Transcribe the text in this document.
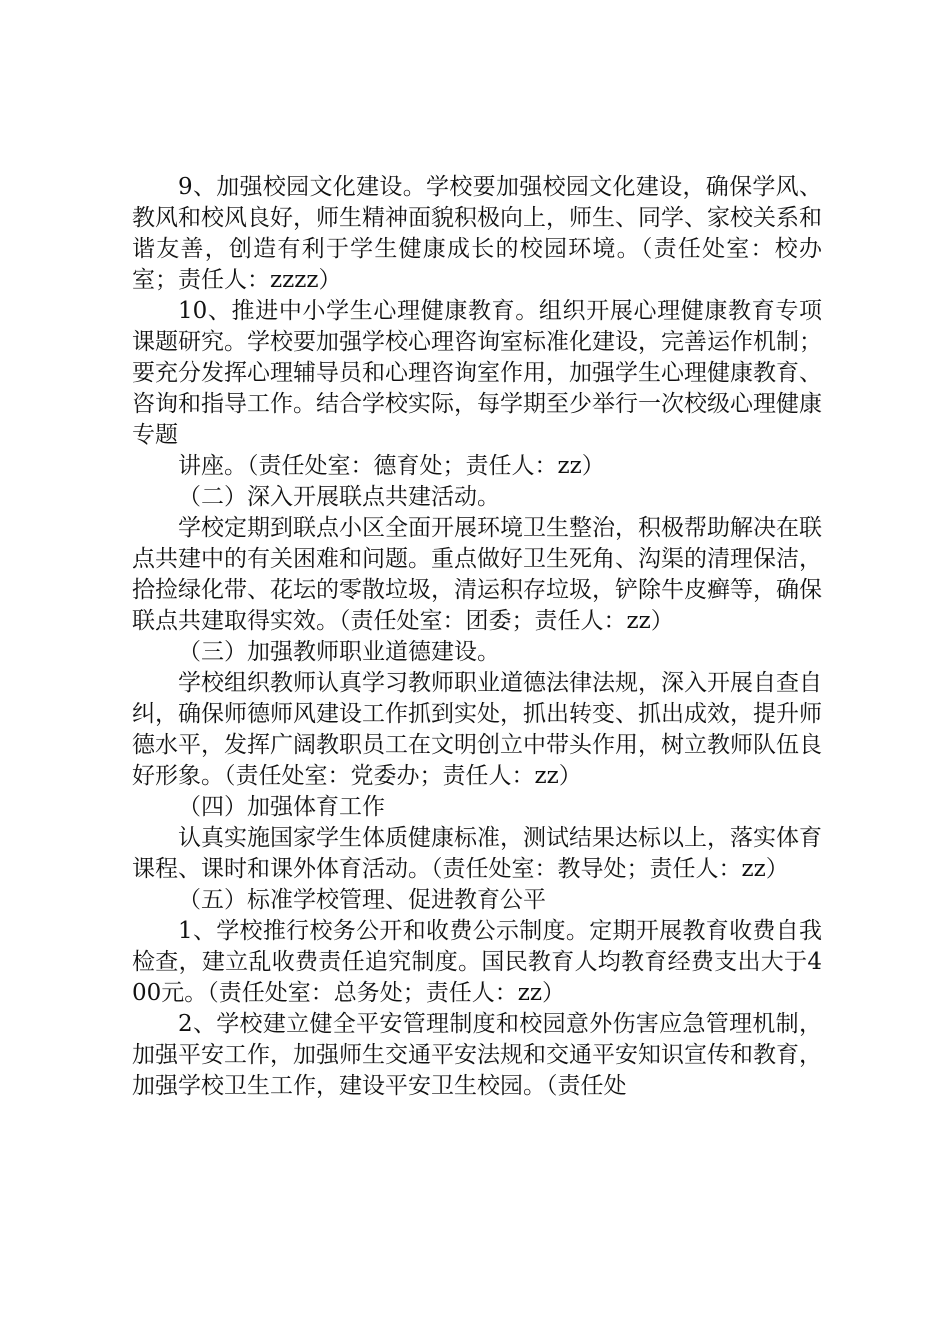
9、加强校园文化建设。学校要加强校园文化建设，确保学风、教风和校风良好，师生精神面貌积极向上，师生、同学、家校关系和谐友善，创造有利于学生健康成长的校园环境。（责任处室：校办室；责任人：zzzz）

10、推进中小学生心理健康教育。组织开展心理健康教育专项课题研究。学校要加强学校心理咨询室标准化建设，完善运作机制；要充分发挥心理辅导员和心理咨询室作用，加强学生心理健康教育、咨询和指导工作。结合学校实际，每学期至少举行一次校级心理健康专题

讲座。（责任处室：德育处；责任人：zz）

（二）深入开展联点共建活动。

学校定期到联点小区全面开展环境卫生整治，积极帮助解决在联点共建中的有关困难和问题。重点做好卫生死角、沟渠的清理保洁，拾捡绿化带、花坛的零散垃圾，清运积存垃圾，铲除牛皮癣等，确保联点共建取得实效。（责任处室：团委；责任人：zz）

（三）加强教师职业道德建设。

学校组织教师认真学习教师职业道德法律法规，深入开展自查自纠，确保师德师风建设工作抓到实处，抓出转变、抓出成效，提升师德水平，发挥广阔教职员工在文明创立中带头作用，树立教师队伍良好形象。（责任处室：党委办；责任人：zz）

（四）加强体育工作

认真实施国家学生体质健康标准，测试结果达标以上，落实体育课程、课时和课外体育活动。（责任处室：教导处；责任人：zz）

（五）标准学校管理、促进教育公平

1、学校推行校务公开和收费公示制度。定期开展教育收费自我检查，建立乱收费责任追究制度。国民教育人均教育经费支出大于400元。（责任处室：总务处；责任人：zz）

2、学校建立健全平安管理制度和校园意外伤害应急管理机制，加强平安工作，加强师生交通平安法规和交通平安知识宣传和教育，加强学校卫生工作，建设平安卫生校园。（责任处
